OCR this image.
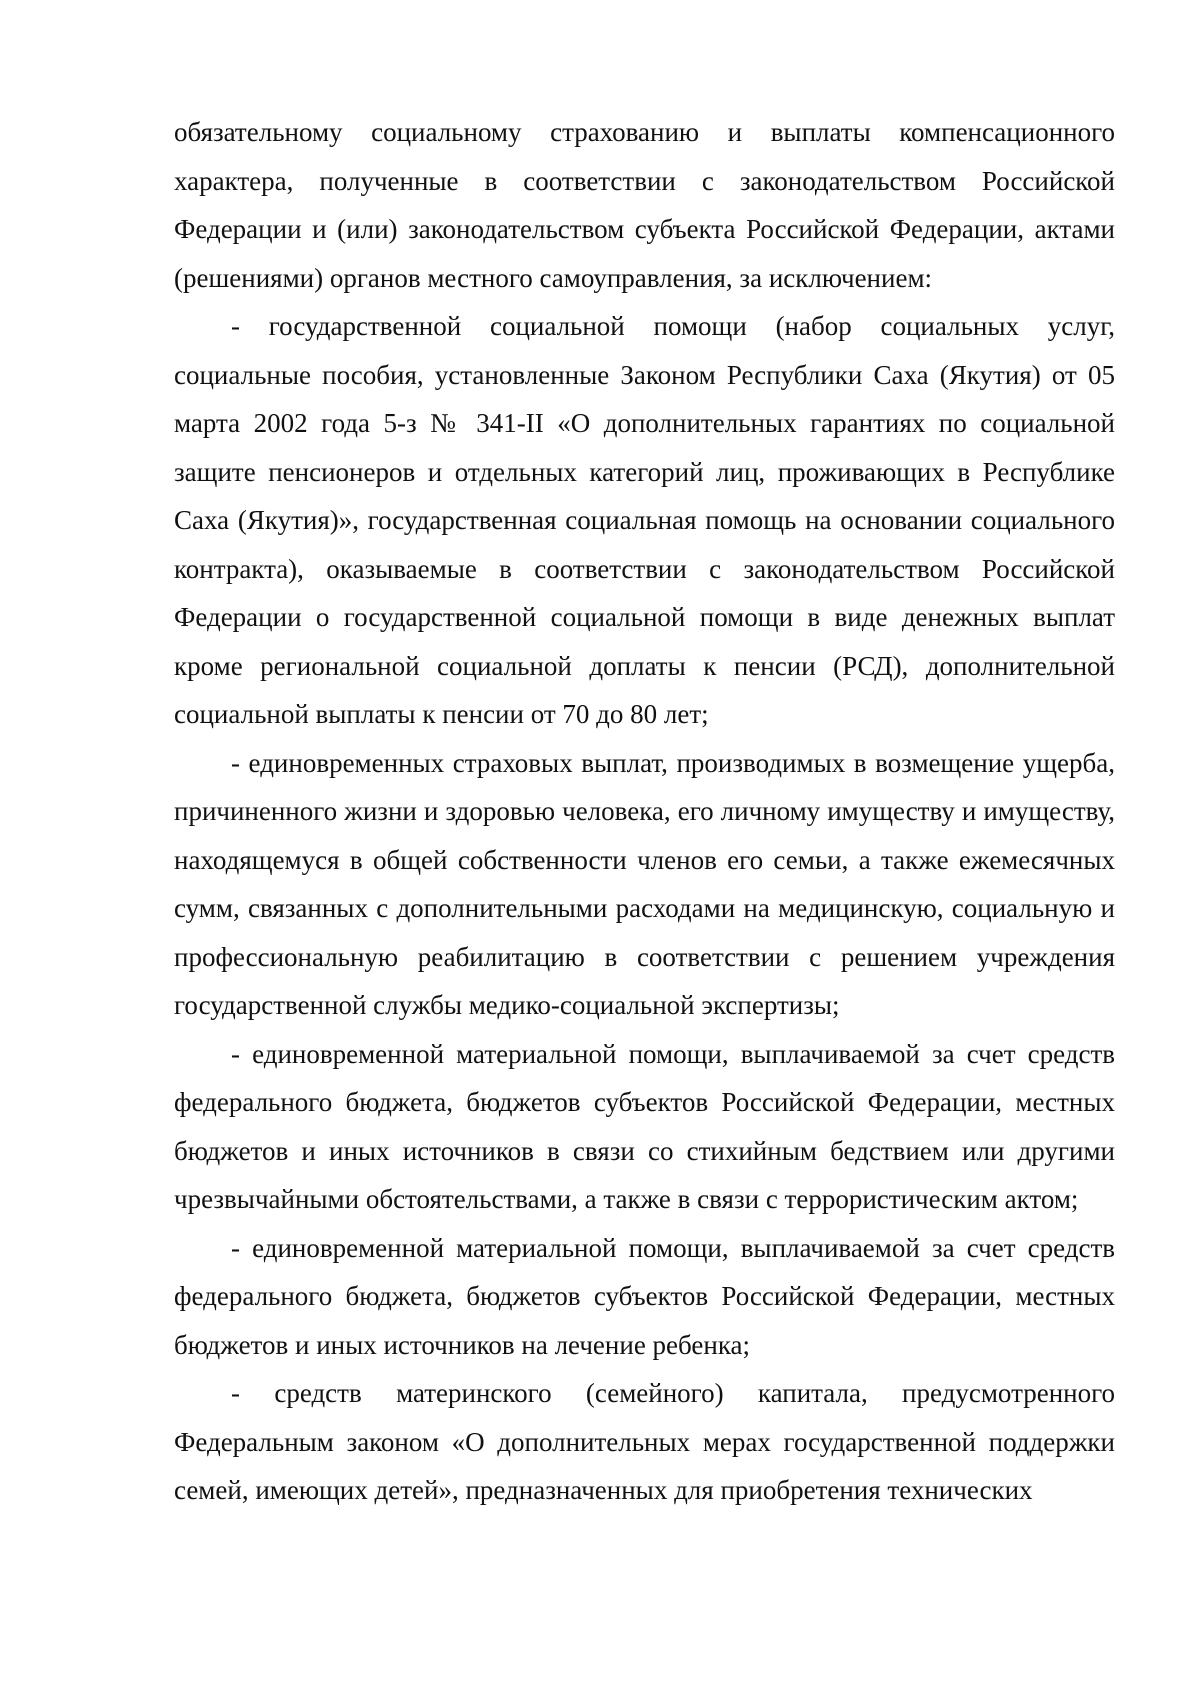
обязательному социальному страхованию и выплаты компенсационного характера, полученные в соответствии с законодательством Российской Федерации и (или) законодательством субъекта Российской Федерации, актами (решениями) органов местного самоуправления, за исключением:

- государственной социальной помощи (набор социальных услуг, социальные пособия, установленные Законом Республики Саха (Якутия) от 05 марта 2002 года 5-з № 341-II «О дополнительных гарантиях по социальной защите пенсионеров и отдельных категорий лиц, проживающих в Республике Саха (Якутия)», государственная социальная помощь на основании социального контракта), оказываемые в соответствии с законодательством Российской Федерации о государственной социальной помощи в виде денежных выплат кроме региональной социальной доплаты к пенсии (РСД), дополнительной социальной выплаты к пенсии от 70 до 80 лет;

- единовременных страховых выплат, производимых в возмещение ущерба, причиненного жизни и здоровью человека, его личному имуществу и имуществу, находящемуся в общей собственности членов его семьи, а также ежемесячных сумм, связанных с дополнительными расходами на медицинскую, социальную и профессиональную реабилитацию в соответствии с решением учреждения государственной службы медико-социальной экспертизы;

- единовременной материальной помощи, выплачиваемой за счет средств федерального бюджета, бюджетов субъектов Российской Федерации, местных бюджетов и иных источников в связи со стихийным бедствием или другими чрезвычайными обстоятельствами, а также в связи с террористическим актом;

- единовременной материальной помощи, выплачиваемой за счет средств федерального бюджета, бюджетов субъектов Российской Федерации, местных бюджетов и иных источников на лечение ребенка;

- средств материнского (семейного) капитала, предусмотренного Федеральным законом «О дополнительных мерах государственной поддержки семей, имеющих детей», предназначенных для приобретения технических
